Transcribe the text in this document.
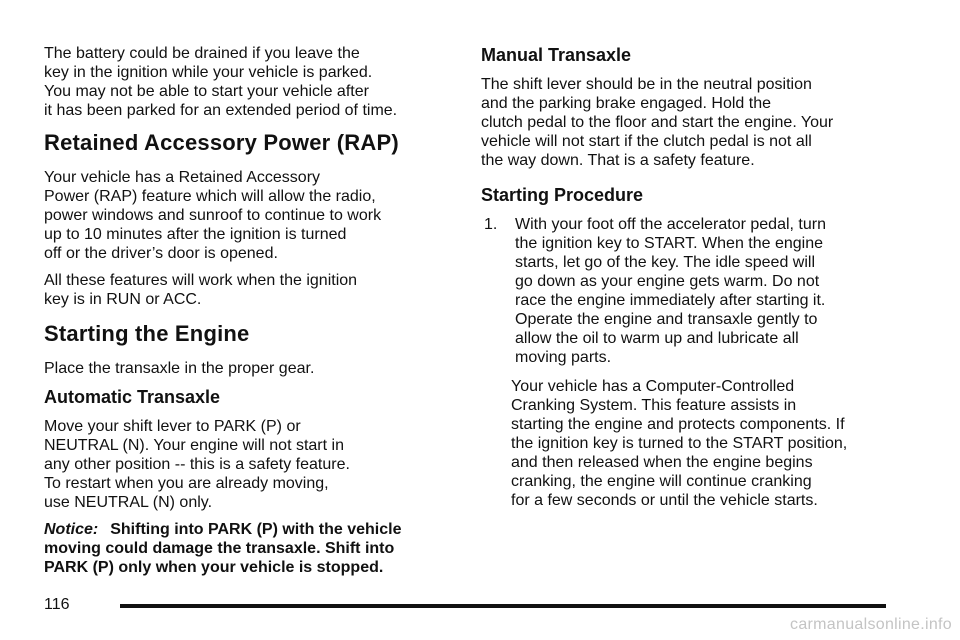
The battery could be drained if you leave the
key in the ignition while your vehicle is parked.
You may not be able to start your vehicle after
it has been parked for an extended period of time.
Retained Accessory Power (RAP)
Your vehicle has a Retained Accessory
Power (RAP) feature which will allow the radio,
power windows and sunroof to continue to work
up to 10 minutes after the ignition is turned
off or the driver’s door is opened.
All these features will work when the ignition
key is in RUN or ACC.
Starting the Engine
Place the transaxle in the proper gear.
Automatic Transaxle
Move your shift lever to PARK (P) or
NEUTRAL (N). Your engine will not start in
any other position -- this is a safety feature.
To restart when you are already moving,
use NEUTRAL (N) only.
Notice: Shifting into PARK (P) with the vehicle
moving could damage the transaxle. Shift into
PARK (P) only when your vehicle is stopped.
Manual Transaxle
The shift lever should be in the neutral position
and the parking brake engaged. Hold the
clutch pedal to the floor and start the engine. Your
vehicle will not start if the clutch pedal is not all
the way down. That is a safety feature.
Starting Procedure
1. With your foot off the accelerator pedal, turn
the ignition key to START. When the engine
starts, let go of the key. The idle speed will
go down as your engine gets warm. Do not
race the engine immediately after starting it.
Operate the engine and transaxle gently to
allow the oil to warm up and lubricate all
moving parts.
Your vehicle has a Computer-Controlled
Cranking System. This feature assists in
starting the engine and protects components. If
the ignition key is turned to the START position,
and then released when the engine begins
cranking, the engine will continue cranking
for a few seconds or until the vehicle starts.
116
carmanualsonline.info
